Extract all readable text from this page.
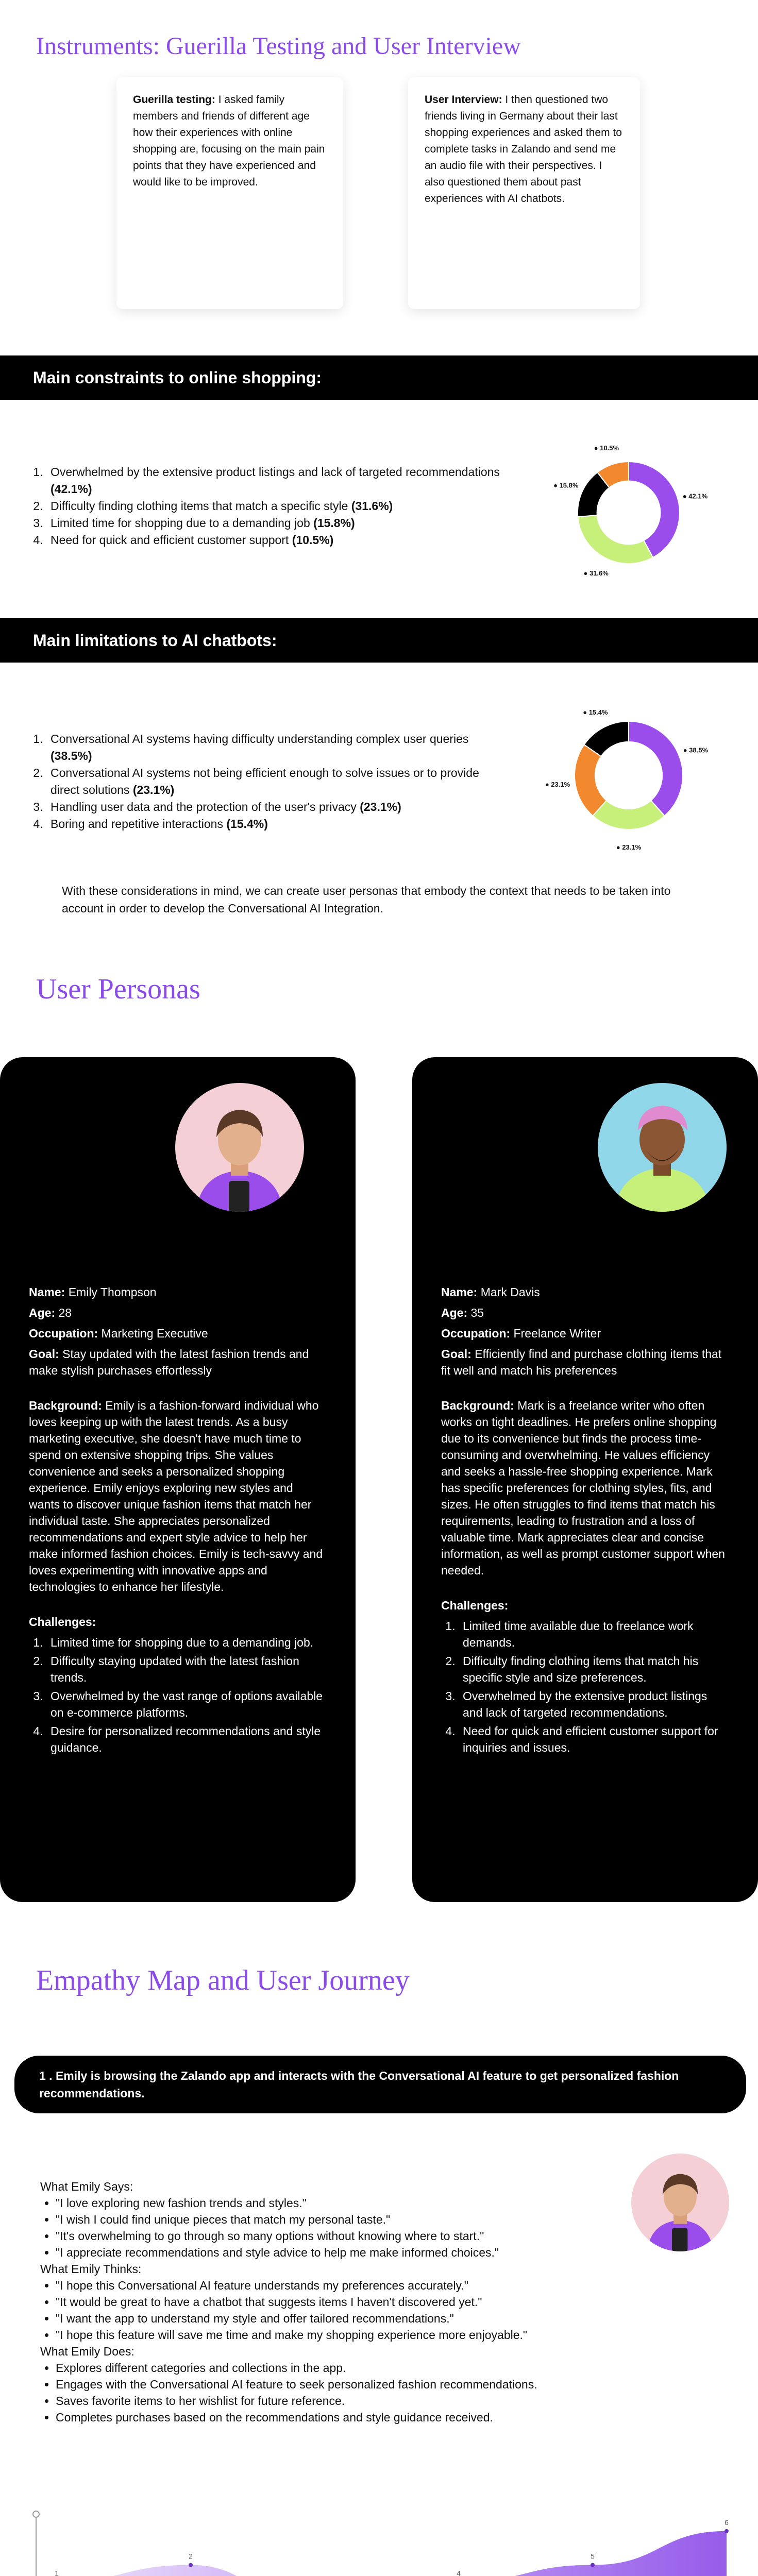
Instruments: Guerilla Testing and User Interview
Guerilla testing: I asked family members and friends of different age how their experiences with online shopping are, focusing on the main pain points that they have experienced and would like to be improved.
User Interview: I then questioned two friends living in Germany about their last shopping experiences and asked them to complete tasks in Zalando and send me an audio file with their perspectives. I also questioned them about past experiences with AI chatbots.
Main constraints to online shopping:
1. Overwhelmed by the extensive product listings and lack of targeted recommendations (42.1%)
2. Difficulty finding clothing items that match a specific style (31.6%)
3. Limited time for shopping due to a demanding job (15.8%)
4. Need for quick and efficient customer support (10.5%)
● 42.1%
● 31.6%
● 15.8%
● 10.5%
Main limitations to AI chatbots:
1. Conversational AI systems having difficulty understanding complex user queries (38.5%)
2. Conversational AI systems not being efficient enough to solve issues or to provide direct solutions (23.1%)
3. Handling user data and the protection of the user's privacy (23.1%)
4. Boring and repetitive interactions (15.4%)
● 38.5%
● 23.1%
● 23.1%
● 15.4%

With these considerations in mind, we can create user personas that embody the context that needs to be taken into account in order to develop the Conversational AI Integration.

User Personas

Name: Emily Thompson

Age: 28

Occupation: Marketing Executive

Goal: Stay updated with the latest fashion trends and make stylish purchases effortlessly

Background: Emily is a fashion-forward individual who loves keeping up with the latest trends. As a busy marketing executive, she doesn't have much time to spend on extensive shopping trips. She values convenience and seeks a personalized shopping experience. Emily enjoys exploring new styles and wants to discover unique fashion items that match her individual taste. She appreciates personalized recommendations and expert style advice to help her make informed fashion choices. Emily is tech-savvy and loves experimenting with innovative apps and technologies to enhance her lifestyle.

Challenges:

1. Limited time for shopping due to a demanding job.
2. Difficulty staying updated with the latest fashion trends.
3. Overwhelmed by the vast range of options available on e-commerce platforms.
4. Desire for personalized recommendations and style guidance.

Name: Mark Davis

Age: 35

Occupation: Freelance Writer

Goal: Efficiently find and purchase clothing items that fit well and match his preferences

Background: Mark is a freelance writer who often works on tight deadlines. He prefers online shopping due to its convenience but finds the process time-consuming and overwhelming. He values efficiency and seeks a hassle-free shopping experience. Mark has specific preferences for clothing styles, fits, and sizes. He often struggles to find items that match his requirements, leading to frustration and a loss of valuable time. Mark appreciates clear and concise information, as well as prompt customer support when needed.

Challenges:

1. Limited time available due to freelance work demands.
2. Difficulty finding clothing items that match his specific style and size preferences.
3. Overwhelmed by the extensive product listings and lack of targeted recommendations.
4. Need for quick and efficient customer support for inquiries and issues.
Empathy Map and User Journey
1 . Emily is browsing the Zalando app and interacts with the Conversational AI feature to get personalized fashion recommendations.

What Emily Says:

• "I love exploring new fashion trends and styles."
• "I wish I could find unique pieces that match my personal taste."
• "It's overwhelming to go through so many options without knowing where to start."
• "I appreciate recommendations and style advice to help me make informed choices."

What Emily Thinks:

• "I hope this Conversational AI feature understands my preferences accurately."
• "It would be great to have a chatbot that suggests items I haven't discovered yet."
• "I want the app to understand my style and offer tailored recommendations."
• "I hope this feature will save me time and make my shopping experience more enjoyable."

What Emily Does:

• Explores different categories and collections in the app.
• Engages with the Conversational AI feature to seek personalized fashion recommendations.
• Saves favorite items to her wishlist for future reference.
• Completes purchases based on the recommendations and style guidance received.
1
2
4
5
6
